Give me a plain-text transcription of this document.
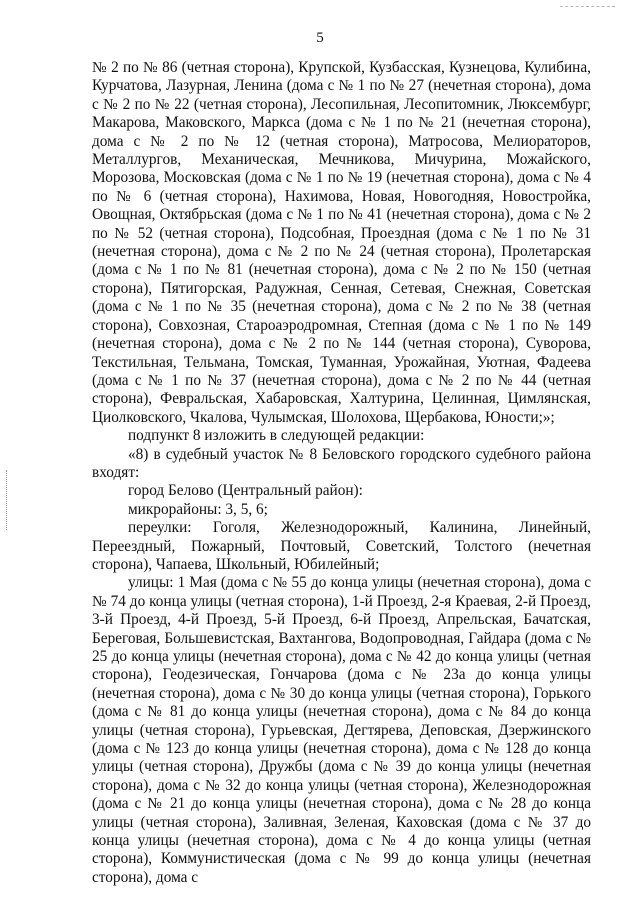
5

№ 2 по № 86 (четная сторона), Крупской, Кузбасская, Кузнецова, Кулибина, Курчатова, Лазурная, Ленина (дома с № 1 по № 27 (нечетная сторона), дома с № 2 по № 22 (четная сторона), Лесопильная, Лесопитомник, Люксембург, Макарова, Маковского, Маркса (дома с № 1 по № 21 (нечетная сторона), дома с № 2 по № 12 (четная сторона), Матросова, Мелиораторов, Металлургов, Механическая, Мечникова, Мичурина, Можайского, Морозова, Московская (дома с № 1 по № 19 (нечетная сторона), дома с № 4 по № 6 (четная сторона), Нахимова, Новая, Новогодняя, Новостройка, Овощная, Октябрьская (дома с № 1 по № 41 (нечетная сторона), дома с № 2 по № 52 (четная сторона), Подсобная, Проездная (дома с № 1 по № 31 (нечетная сторона), дома с № 2 по № 24 (четная сторона), Пролетарская (дома с № 1 по № 81 (нечетная сторона), дома с № 2 по № 150 (четная сторона), Пятигорская, Радужная, Сенная, Сетевая, Снежная, Советская (дома с № 1 по № 35 (нечетная сторона), дома с № 2 по № 38 (четная сторона), Совхозная, Староаэродромная, Степная (дома с № 1 по № 149 (нечетная сторона), дома с № 2 по № 144 (четная сторона), Суворова, Текстильная, Тельмана, Томская, Туманная, Урожайная, Уютная, Фадеева (дома с № 1 по № 37 (нечетная сторона), дома с № 2 по № 44 (четная сторона), Февральская, Хабаровская, Халтурина, Целинная, Цимлянская, Циолковского, Чкалова, Чулымская, Шолохова, Щербакова, Юности;»;

подпункт 8 изложить в следующей редакции:

«8) в судебный участок № 8 Беловского городского судебного района входят:

город Белово (Центральный район):

микрорайоны: 3, 5, 6;

переулки: Гоголя, Железнодорожный, Калинина, Линейный, Переездный, Пожарный, Почтовый, Советский, Толстого (нечетная сторона), Чапаева, Школьный, Юбилейный;

улицы: 1 Мая (дома с № 55 до конца улицы (нечетная сторона), дома с № 74 до конца улицы (четная сторона), 1-й Проезд, 2-я Краевая, 2-й Проезд, 3-й Проезд, 4-й Проезд, 5-й Проезд, 6-й Проезд, Апрельская, Бачатская, Береговая, Большевистская, Вахтангова, Водопроводная, Гайдара (дома с № 25 до конца улицы (нечетная сторона), дома с № 42 до конца улицы (четная сторона), Геодезическая, Гончарова (дома с № 23а до конца улицы (нечетная сторона), дома с № 30 до конца улицы (четная сторона), Горького (дома с № 81 до конца улицы (нечетная сторона), дома с № 84 до конца улицы (четная сторона), Гурьевская, Дегтярева, Деповская, Дзержинского (дома с № 123 до конца улицы (нечетная сторона), дома с № 128 до конца улицы (четная сторона), Дружбы (дома с № 39 до конца улицы (нечетная сторона), дома с № 32 до конца улицы (четная сторона), Железнодорожная (дома с № 21 до конца улицы (нечетная сторона), дома с № 28 до конца улицы (четная сторона), Заливная, Зеленая, Каховская (дома с № 37 до конца улицы (нечетная сторона), дома с № 4 до конца улицы (четная сторона), Коммунистическая (дома с № 99 до конца улицы (нечетная сторона), дома с
